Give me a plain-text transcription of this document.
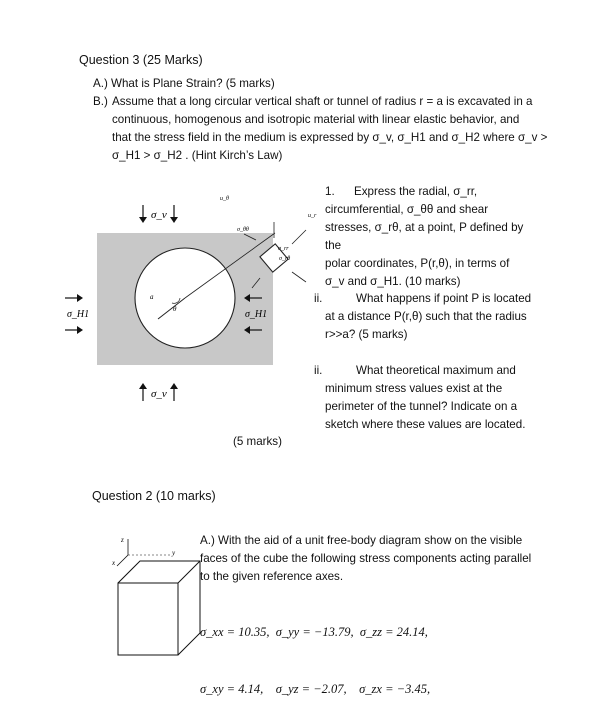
Question 3 (25 Marks)
A.) What is Plane Strain? (5 marks)
B.) Assume that a long circular vertical shaft or tunnel of radius r = a is excavated in a
continuous, homogenous and isotropic material with linear elastic behavior, and
that the stress field in the medium is expressed by σ_v, σ_H1 and σ_H2 where σ_v >
σ_H1 > σ_H2 . (Hint Kirch’s Law)
a
θ
u_θ
u_r
σ_θθ
σ_rr
σ_rθ
σ_v
σ_v
σ_H1	σ_H1
1.	Express the radial, σ_rr,
circumferential, σ_θθ and shear
stresses, σ_rθ, at a point, P defined by the
polar coordinates, P(r,θ), in terms of
σ_v and σ_H1. (10 marks)
ii.	What happens if point P is located
at a distance P(r,θ) such that the radius
r>>a? (5 marks)
ii.	What theoretical maximum and
minimum stress values exist at the
perimeter of the tunnel? Indicate on a
sketch where these values are located.
(5 marks)
Question 2 (10 marks)
z
y
x
A.) With the aid of a unit free-body diagram show on the visible
faces of the cube the following stress components acting parallel
to the given reference axes.

σ_xx = 10.35,  σ_yy = −13.79,  σ_zz = 24.14,

σ_xy = 4.14,    σ_yz = −2.07,    σ_zx = −3.45,
